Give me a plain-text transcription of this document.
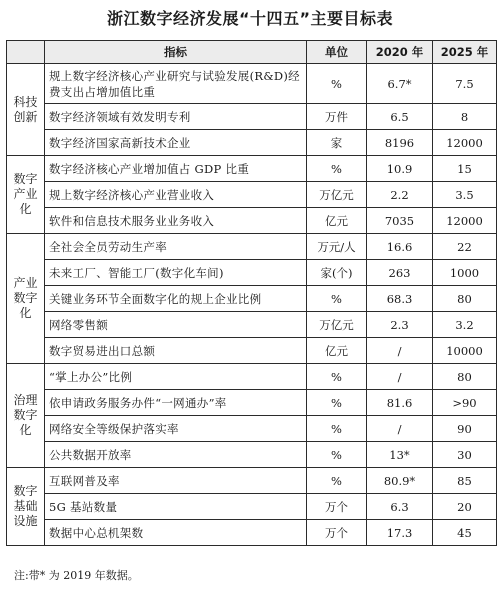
浙江数字经济发展“十四五”主要目标表
	指标	单位	2020 年	2025 年
科技创新	规上数字经济核心产业研究与试验发展(R&D)经费支出占增加值比重	%	6.7*	7.5
	数字经济领域有效发明专利	万件	6.5	8
	数字经济国家高新技术企业	家	8196	12000
数字产业化	数字经济核心产业增加值占 GDP 比重	%	10.9	15
	规上数字经济核心产业营业收入	万亿元	2.2	3.5
	软件和信息技术服务业业务收入	亿元	7035	12000
产业数字化	全社会全员劳动生产率	万元/人	16.6	22
	未来工厂、智能工厂(数字化车间)	家(个)	263	1000
	关键业务环节全面数字化的规上企业比例	%	68.3	80
	网络零售额	万亿元	2.3	3.2
	数字贸易进出口总额	亿元	/	10000
治理数字化	“掌上办公”比例	%	/	80
	依申请政务服务办件“一网通办”率	%	81.6	>90
	网络安全等级保护落实率	%	/	90
	公共数据开放率	%	13*	30
数字基础设施	互联网普及率	%	80.9*	85
	5G 基站数量	万个	6.3	20
	数据中心总机架数	万个	17.3	45
注:带* 为 2019 年数据。
